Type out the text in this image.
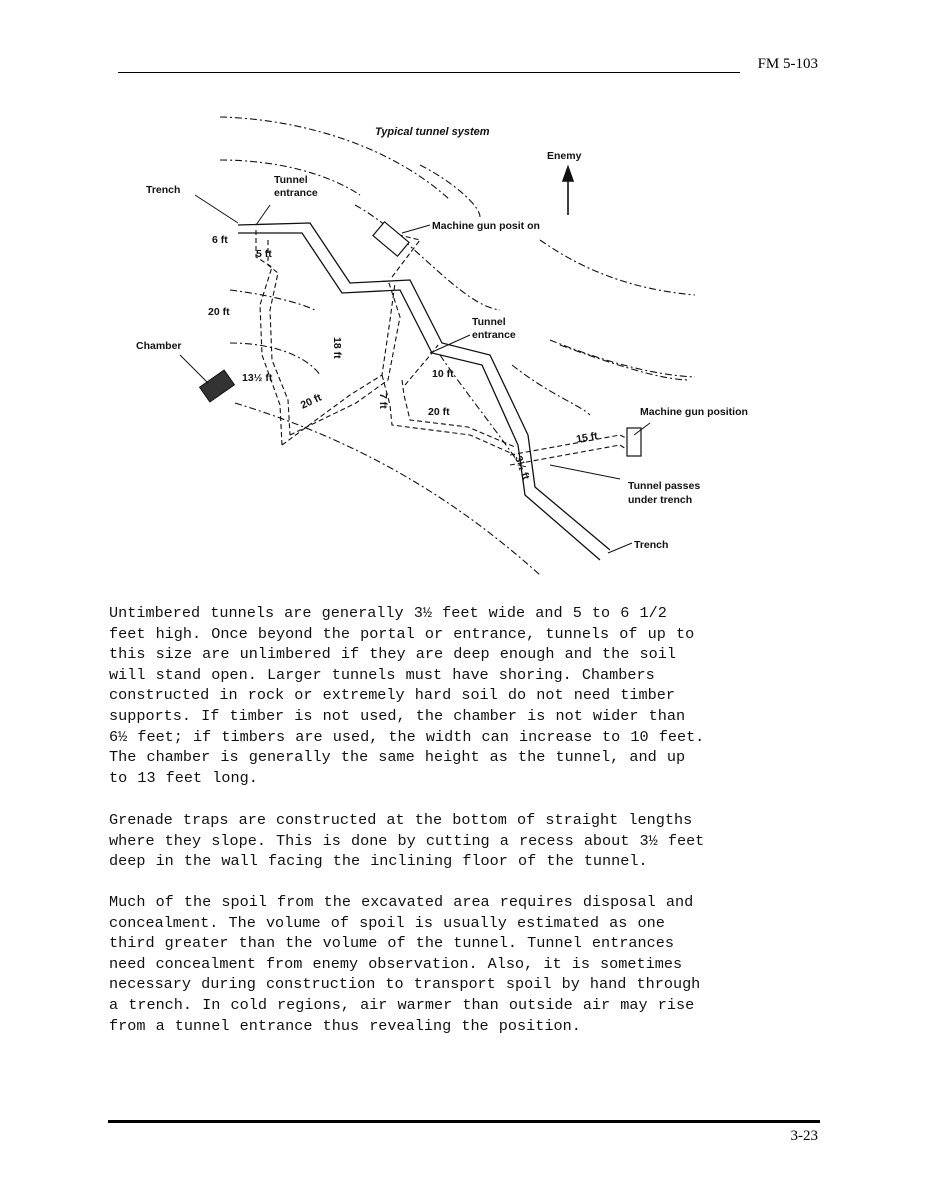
FM 5-103
Typical tunnel system
Enemy
Trench
Tunnel
entrance
Machine gun posit on
6 ft
5 ft
20 ft
Chamber	18 ft
Tunnel
entrance
10 ft
13½ ft
20 ft	7 ft
20 ft	Machine gun position
15 ft
3½ ft
Tunnel passes
under trench
Trench

Untimbered tunnels are generally 3½ feet wide and 5 to 6 1/2
feet high. Once beyond the portal or entrance, tunnels of up to
this size are unlimbered if they are deep enough and the soil
will stand open. Larger tunnels must have shoring. Chambers
constructed in rock or extremely hard soil do not need timber
supports. If timber is not used, the chamber is not wider than
6½ feet; if timbers are used, the width can increase to 10 feet.
The chamber is generally the same height as the tunnel, and up
to 13 feet long.

Grenade traps are constructed at the bottom of straight lengths
where they slope. This is done by cutting a recess about 3½ feet
deep in the wall facing the inclining floor of the tunnel.

Much of the spoil from the excavated area requires disposal and
concealment. The volume of spoil is usually estimated as one
third greater than the volume of the tunnel. Tunnel entrances
need concealment from enemy observation. Also, it is sometimes
necessary during construction to transport spoil by hand through
a trench. In cold regions, air warmer than outside air may rise
from a tunnel entrance thus revealing the position.

3-23
